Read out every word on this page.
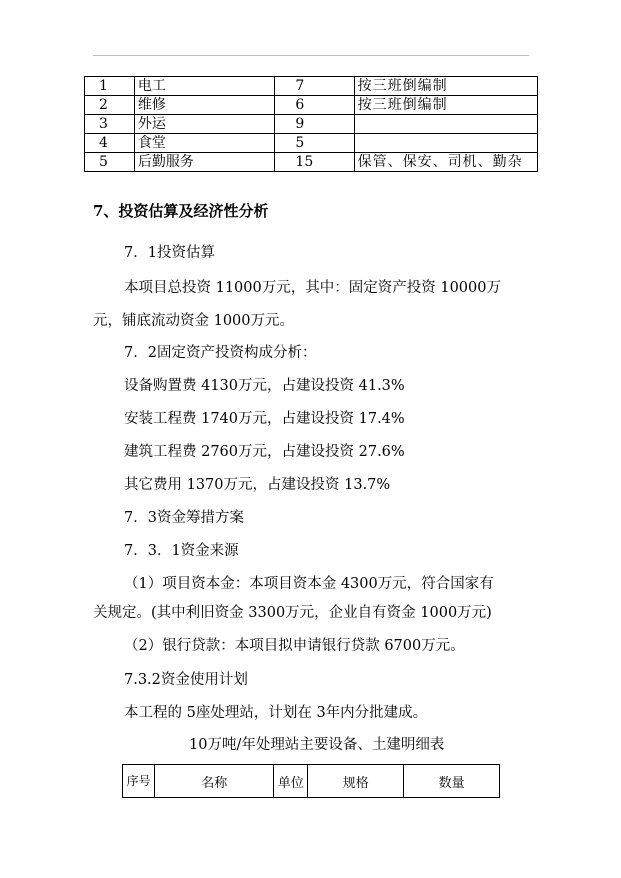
1	电工	7	按三班倒编制
2	维修	6	按三班倒编制
3	外运	9	
4	食堂	5	
5	后勤服务	15	保管、保安、司机、勤杂
7、投资估算及经济性分析
7．1投资估算
本项目总投资 11000万元，其中：固定资产投资 10000万
元，铺底流动资金 1000万元。
7．2固定资产投资构成分析：
设备购置费 4130万元，占建设投资 41.3%
安装工程费 1740万元，占建设投资 17.4%
建筑工程费 2760万元，占建设投资 27.6%
其它费用 1370万元，占建设投资 13.7%
7．3资金筹措方案
7．3．1资金来源
（1）项目资本金：本项目资本金 4300万元，符合国家有
关规定。(其中利旧资金 3300万元，企业自有资金 1000万元)
（2）银行贷款：本项目拟申请银行贷款 6700万元。
7.3.2资金使用计划
本工程的 5座处理站，计划在 3年内分批建成。
10万吨/年处理站主要设备、土建明细表
序号	名称	单位	规格	数量
